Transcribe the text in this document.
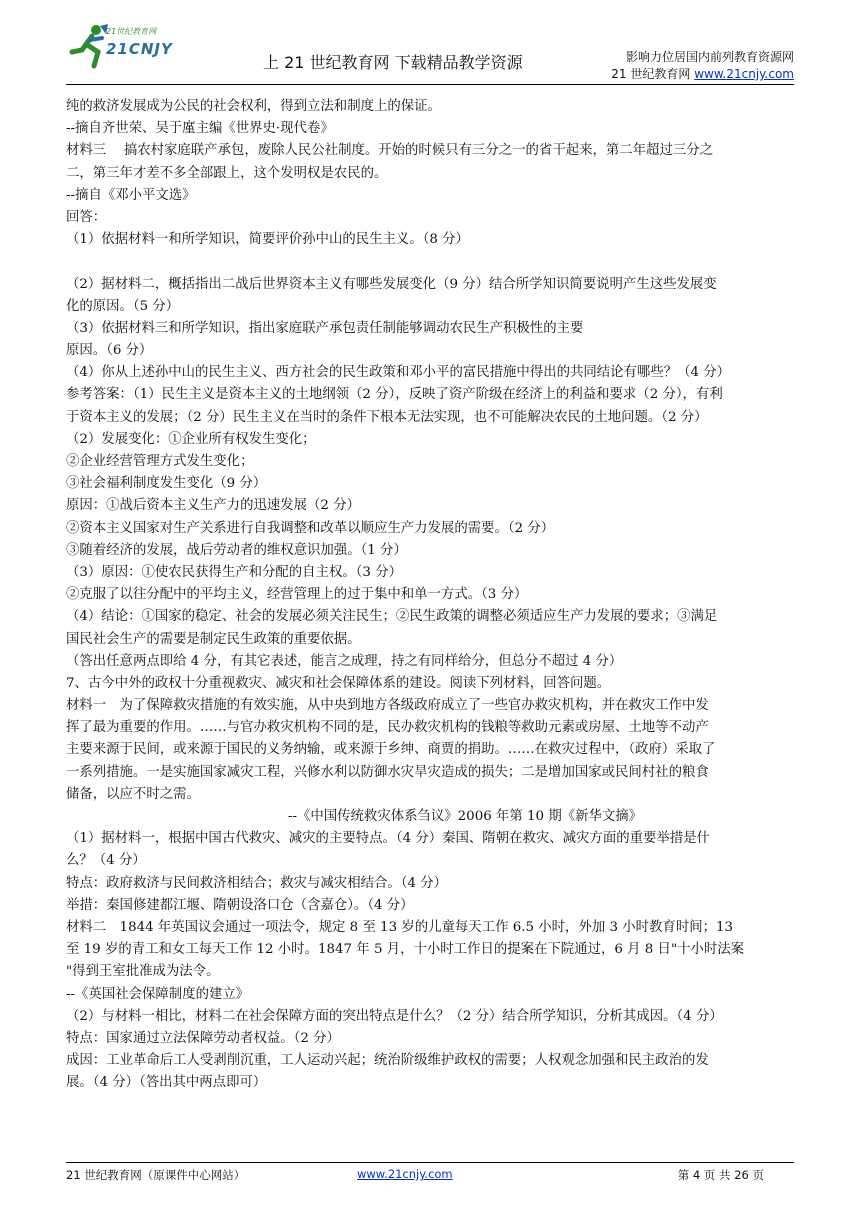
21世纪教育网
21CNJY
上 21 世纪教育网 下载精品教学资源	影响力位居国内前列教育资源网
21 世纪教育网 www.21cnjy.com
纯的救济发展成为公民的社会权利，得到立法和制度上的保证。
--摘自齐世荣、吴于廑主编《世界史·现代卷》
材料三　 搞农村家庭联产承包，废除人民公社制度。开始的时候只有三分之一的省干起来，第二年超过三分之
二，第三年才差不多全部跟上，这个发明权是农民的。
--摘自《邓小平文选》
回答：
（1）依据材料一和所学知识，简要评价孙中山的民生主义。（8 分）
（2）据材料二，概括指出二战后世界资本主义有哪些发展变化（9 分）结合所学知识简要说明产生这些发展变
化的原因。（5 分）
（3）依据材料三和所学知识，指出家庭联产承包责任制能够调动农民生产积极性的主要
原因。（6 分）
（4）你从上述孙中山的民生主义、西方社会的民生政策和邓小平的富民措施中得出的共同结论有哪些？（4 分）
参考答案：（1）民生主义是资本主义的土地纲领（2 分），反映了资产阶级在经济上的利益和要求（2 分），有利
于资本主义的发展；（2 分）民生主义在当时的条件下根本无法实现，也不可能解决农民的土地问题。（2 分）
（2）发展变化：①企业所有权发生变化；
②企业经营管理方式发生变化；
③社会福利制度发生变化（9 分）
原因：①战后资本主义生产力的迅速发展（2 分）
②资本主义国家对生产关系进行自我调整和改革以顺应生产力发展的需要。（2 分）
③随着经济的发展，战后劳动者的维权意识加强。（1 分）
（3）原因：①使农民获得生产和分配的自主权。（3 分）
②克服了以往分配中的平均主义，经营管理上的过于集中和单一方式。（3 分）
（4）结论：①国家的稳定、社会的发展必须关注民生；②民生政策的调整必须适应生产力发展的要求；③满足
国民社会生产的需要是制定民生政策的重要依据。
（答出任意两点即给 4 分，有其它表述，能言之成理，持之有同样给分，但总分不超过 4 分）
7、古今中外的政权十分重视救灾、减灾和社会保障体系的建设。阅读下列材料，回答问题。
材料一　为了保障救灾措施的有效实施，从中央到地方各级政府成立了一些官办救灾机构，并在救灾工作中发
挥了最为重要的作用。……与官办救灾机构不同的是，民办救灾机构的钱粮等救助元素或房屋、土地等不动产
主要来源于民间，或来源于国民的义务纳输，或来源于乡绅、商贾的捐助。……在救灾过程中，（政府）采取了
一系列措施。一是实施国家减灾工程，兴修水利以防御水灾旱灾造成的损失；二是增加国家或民间村社的粮食
储备，以应不时之需。
--《中国传统救灾体系刍议》2006 年第 10 期《新华文摘》
（1）据材料一，根据中国古代救灾、减灾的主要特点。（4 分）秦国、隋朝在救灾、减灾方面的重要举措是什
么？（4 分）
特点：政府救济与民间救济相结合；救灾与减灾相结合。（4 分）
举措：秦国修建都江堰、隋朝设洛口仓（含嘉仓）。（4 分）
材料二　1844 年英国议会通过一项法令，规定 8 至 13 岁的儿童每天工作 6.5 小时，外加 3 小时教育时间；13
至 19 岁的青工和女工每天工作 12 小时。1847 年 5 月，十小时工作日的提案在下院通过，6 月 8 日"十小时法案
"得到王室批准成为法令。
--《英国社会保障制度的建立》
（2）与材料一相比，材料二在社会保障方面的突出特点是什么？（2 分）结合所学知识，分析其成因。（4 分）
特点：国家通过立法保障劳动者权益。（2 分）
成因：工业革命后工人受剥削沉重，工人运动兴起；统治阶级维护政权的需要；人权观念加强和民主政治的发
展。（4 分）（答出其中两点即可）
21 世纪教育网（原课件中心网站）	www.21cnjy.com	第 4 页 共 26 页
